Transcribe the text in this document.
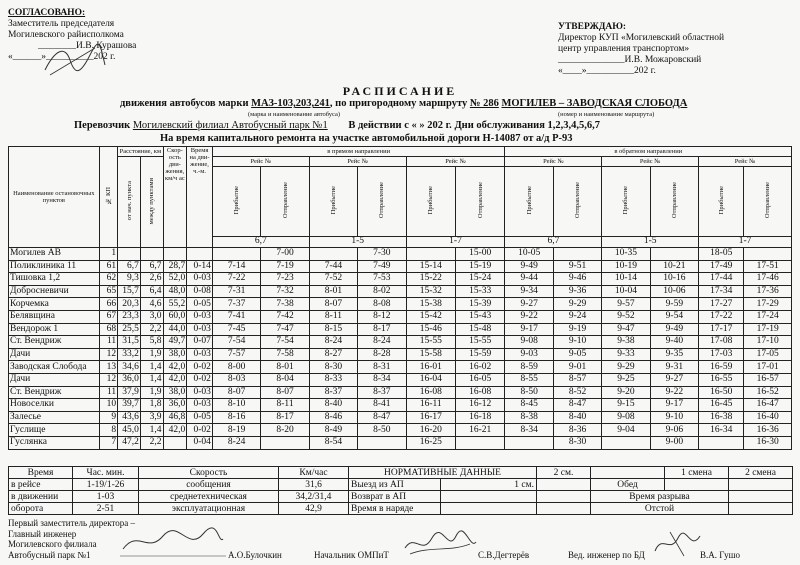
СОГЛАСОВАНО:
Заместитель председателя
Могилевского райисполкома
________И.В. Курашова
«______»__________202 г.
УТВЕРЖДАЮ:
Директор КУП «Могилевский областной
центр управления транспортом»
______________И.В. Можаровский
«____»__________202 г.
РАСПИСАНИЕ
движения автобусов марки МАЗ-103,203,241, по пригородному маршруту № 286 МОГИЛЕВ – ЗАВОДСКАЯ СЛОБОДА
(марка и наименование автобуса)	(номер и наименование маршрута)
Перевозчик Могилевский филиал Автобусный парк №1 В действии с « » 202 г. Дни обслуживания 1,2,3,4,5,6,7
На время капитального ремонта на участке автомобильной дороги Н-14087 от а/д Р-93
Наименование остановочных пунктов	№ КП	Расстояние, км		Скор-ость дви-жения, км/ч ас	Время на дви-жение, ч.-м.	в прямом направлении						в обратном направлении					
		от нач. пункта	между пунктами			Рейс №		Рейс №		Рейс №		Рейс №		Рейс №		Рейс №	
						Прибытие	Отправление	Прибытие	Отправление	Прибытие	Отправление	Прибытие	Отправление	Прибытие	Отправление	Прибытие	Отправление
						6,7		1-5		1-7		6,7		1-5		1-7	
Могилев АВ	1						7-00		7-30		15-00	10-05		10-35		18-05	
Поликлиника 11	61	6,7	6,7	28,7	0-14	7-14	7-19	7-44	7-49	15-14	15-19	9-49	9-51	10-19	10-21	17-49	17-51
Тишовка 1,2	62	9,3	2,6	52,0	0-03	7-22	7-23	7-52	7-53	15-22	15-24	9-44	9-46	10-14	10-16	17-44	17-46
Добросневичи	65	15,7	6,4	48,0	0-08	7-31	7-32	8-01	8-02	15-32	15-33	9-34	9-36	10-04	10-06	17-34	17-36
Корчемка	66	20,3	4,6	55,2	0-05	7-37	7-38	8-07	8-08	15-38	15-39	9-27	9-29	9-57	9-59	17-27	17-29
Белявщина	67	23,3	3,0	60,0	0-03	7-41	7-42	8-11	8-12	15-42	15-43	9-22	9-24	9-52	9-54	17-22	17-24
Вендорож 1	68	25,5	2,2	44,0	0-03	7-45	7-47	8-15	8-17	15-46	15-48	9-17	9-19	9-47	9-49	17-17	17-19
Ст. Вендриж	11	31,5	5,8	49,7	0-07	7-54	7-54	8-24	8-24	15-55	15-55	9-08	9-10	9-38	9-40	17-08	17-10
Дачи	12	33,2	1,9	38,0	0-03	7-57	7-58	8-27	8-28	15-58	15-59	9-03	9-05	9-33	9-35	17-03	17-05
Заводская Слобода	13	34,6	1,4	42,0	0-02	8-00	8-01	8-30	8-31	16-01	16-02	8-59	9-01	9-29	9-31	16-59	17-01
Дачи	12	36,0	1,4	42,0	0-02	8-03	8-04	8-33	8-34	16-04	16-05	8-55	8-57	9-25	9-27	16-55	16-57
Ст. Вендриж	11	37,9	1,9	38,0	0-03	8-07	8-07	8-37	8-37	16-08	16-08	8-50	8-52	9-20	9-22	16-50	16-52
Новоселки	10	39,7	1,8	36,0	0-03	8-10	8-11	8-40	8-41	16-11	16-12	8-45	8-47	9-15	9-17	16-45	16-47
Залесье	9	43,6	3,9	46,8	0-05	8-16	8-17	8-46	8-47	16-17	16-18	8-38	8-40	9-08	9-10	16-38	16-40
Гуслище	8	45,0	1,4	42,0	0-02	8-19	8-20	8-49	8-50	16-20	16-21	8-34	8-36	9-04	9-06	16-34	16-36
Гуслянка	7	47,2	2,2		0-04	8-24		8-54		16-25			8-30		9-00		16-30
Время	Час. мин.	Скорость	Км/час	НОРМАТИВНЫЕ ДАННЫЕ		2 см.		1 смена	2 смена
в рейсе	1-19/1-26	сообщения	31,6	Выезд из АП	1 см.		Обед		
в движении	1-03	среднетехническая	34,2/31,4	Возврат в АП			Время разрыва		
оборота	2-51	эксплуатационная	42,9	Время в наряде			Отстой		
Первый заместитель директора –
Главный инженер
Могилевского филиала
Автобусный парк №1	А.О.Булочкин	Начальник ОМПиТ	С.В.Дегтерёв	Вед. инженер по БД	В.А. Гушо
